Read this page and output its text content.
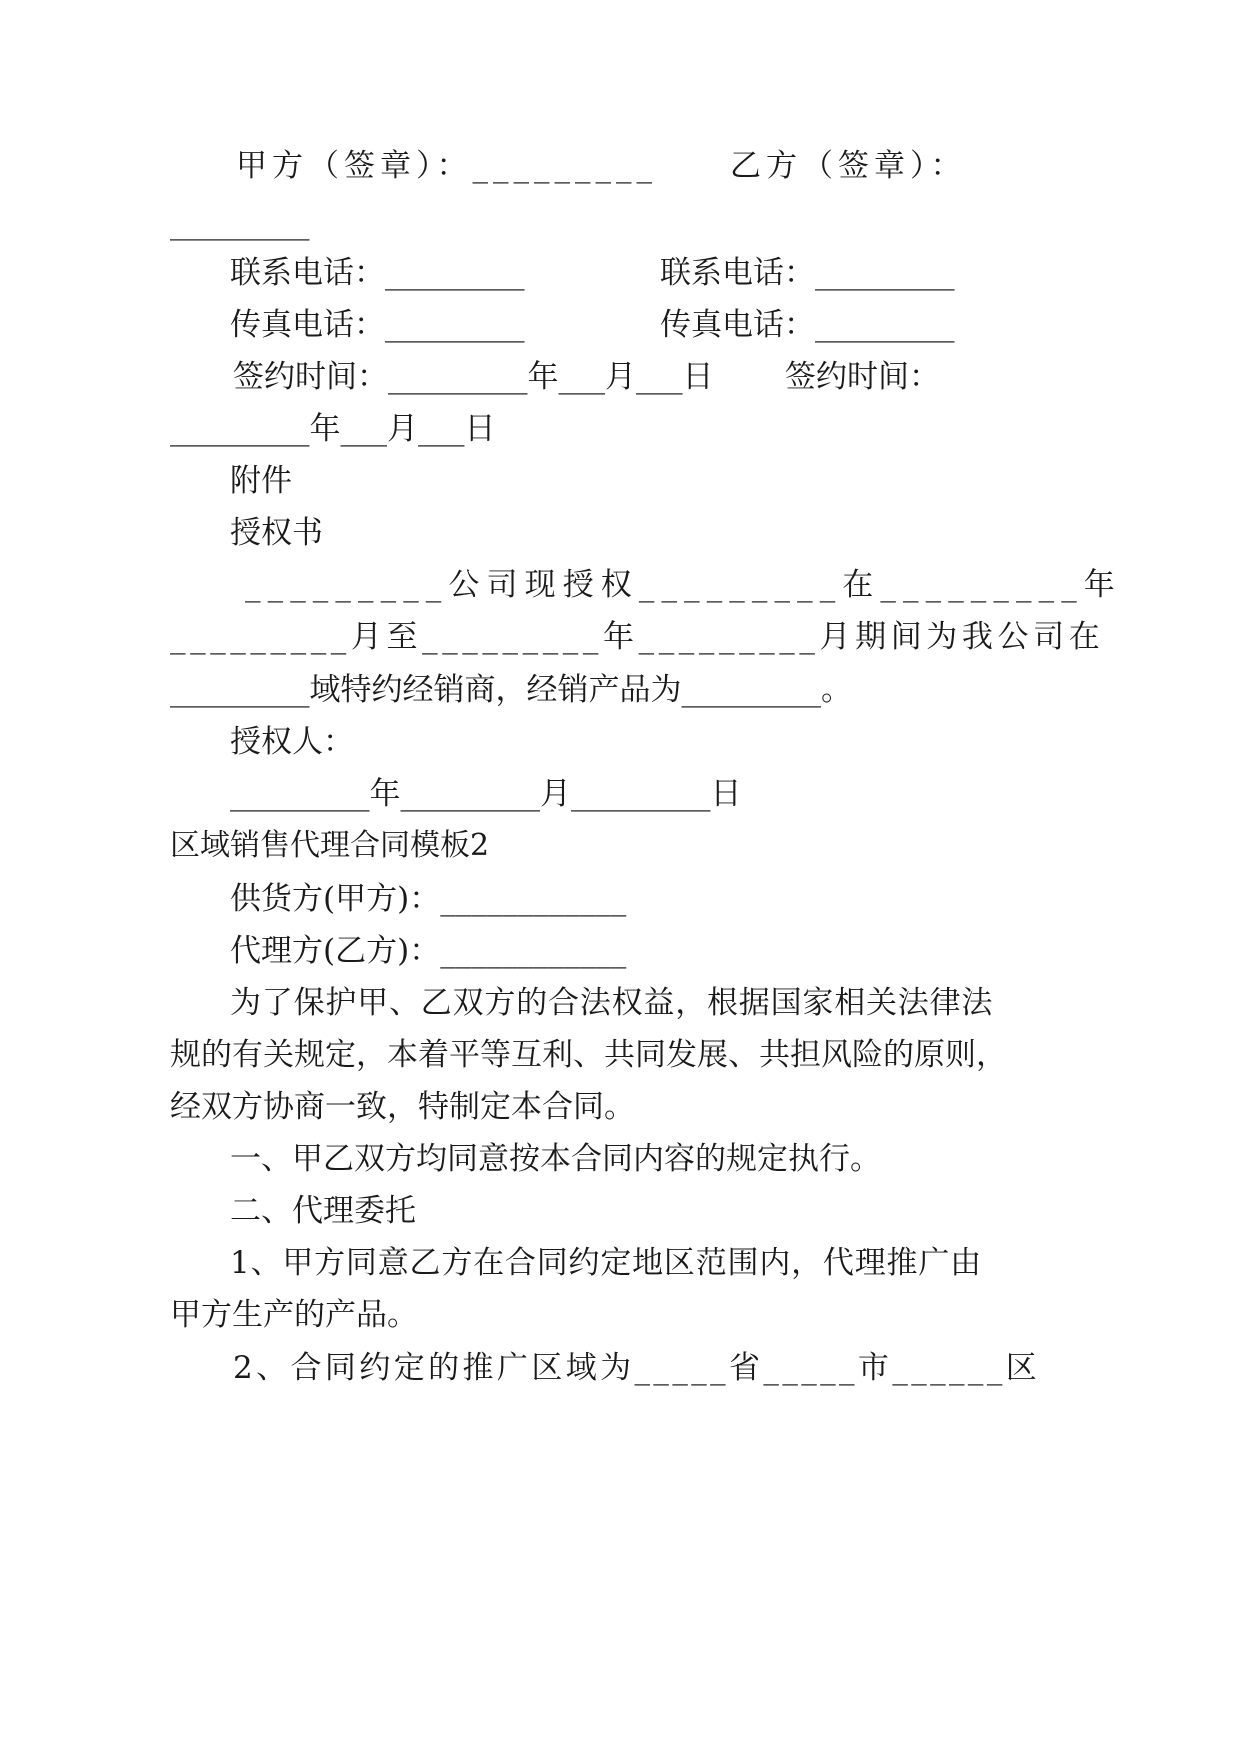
甲方（签章）：_________ 乙方（签章）：
_________
联系电话：_________	联系电话：_________
传真电话：_________	传真电话：_________
签约时间：_________年___月___日 签约时间：
_________年___月___日
附件
授权书
_________公司现授权_________在_________年
_________月至_________年_________月期间为我公司在
_________域特约经销商，经销产品为_________。
授权人：
_________年_________月_________日
区域销售代理合同模板2
供货方(甲方)：____________
代理方(乙方)：____________
为了保护甲、乙双方的合法权益，根据国家相关法律法
规的有关规定，本着平等互利、共同发展、共担风险的原则，
经双方协商一致，特制定本合同。
一、甲乙双方均同意按本合同内容的规定执行。
二、代理委托
1、甲方同意乙方在合同约定地区范围内，代理推广由
甲方生产的产品。
2、合同约定的推广区域为_____省_____市______区
